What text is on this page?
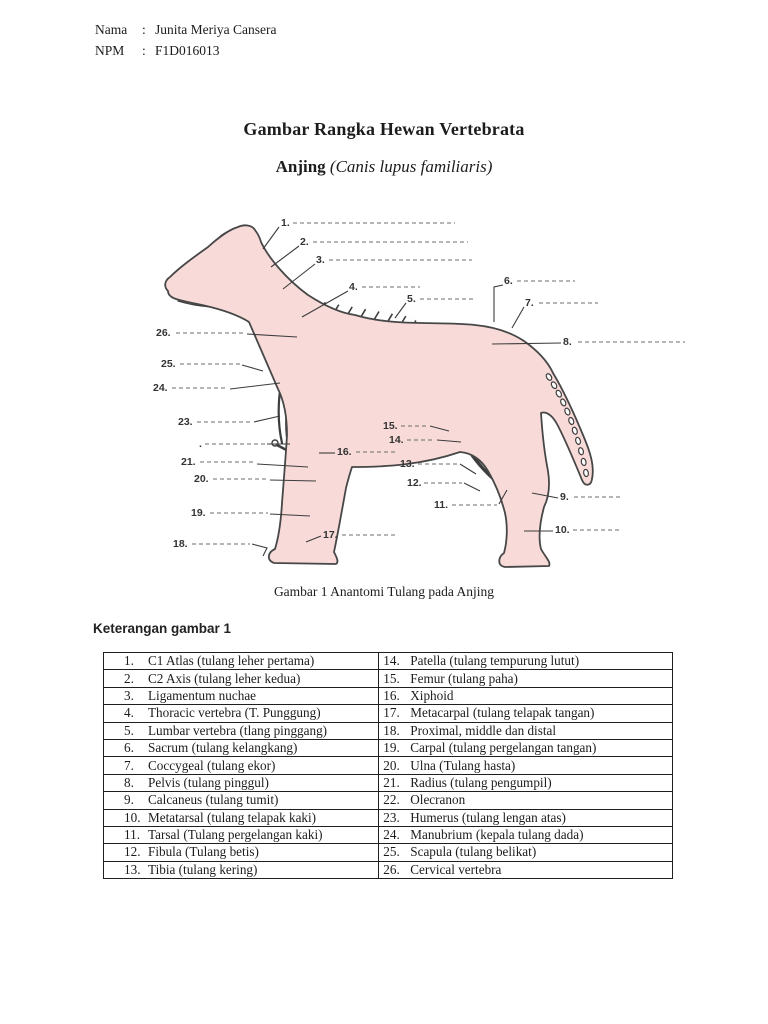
Nama	: Junita Meriya Cansera
NPM	: F1D016013
Gambar Rangka Hewan Vertebrata
Anjing (Canis lupus familiaris)
1.
2.
3.
4.
5.
6.
7.
8.
9.
10.
11.
12.
13.
14.
15.
16.
17.
18.
19.
20.
21.
.
23.
24.
25.
26.
Gambar 1 Anantomi Tulang pada Anjing
Keterangan gambar 1
1. C1 Atlas (tulang leher pertama)	14. Patella (tulang tempurung lutut)
2. C2 Axis (tulang leher kedua)	15. Femur (tulang paha)
3. Ligamentum nuchae	16. Xiphoid
4. Thoracic vertebra (T. Punggung)	17. Metacarpal (tulang telapak tangan)
5. Lumbar vertebra (tlang pinggang)	18. Proximal, middle dan distal
6. Sacrum (tulang kelangkang)	19. Carpal (tulang pergelangan tangan)
7. Coccygeal (tulang ekor)	20. Ulna (Tulang hasta)
8. Pelvis (tulang pinggul)	21. Radius (tulang pengumpil)
9. Calcaneus (tulang tumit)	22. Olecranon
10. Metatarsal (tulang telapak kaki)	23. Humerus (tulang lengan atas)
11. Tarsal (Tulang pergelangan kaki)	24. Manubrium (kepala tulang dada)
12. Fibula (Tulang betis)	25. Scapula (tulang belikat)
13. Tibia (tulang kering)	26. Cervical vertebra
